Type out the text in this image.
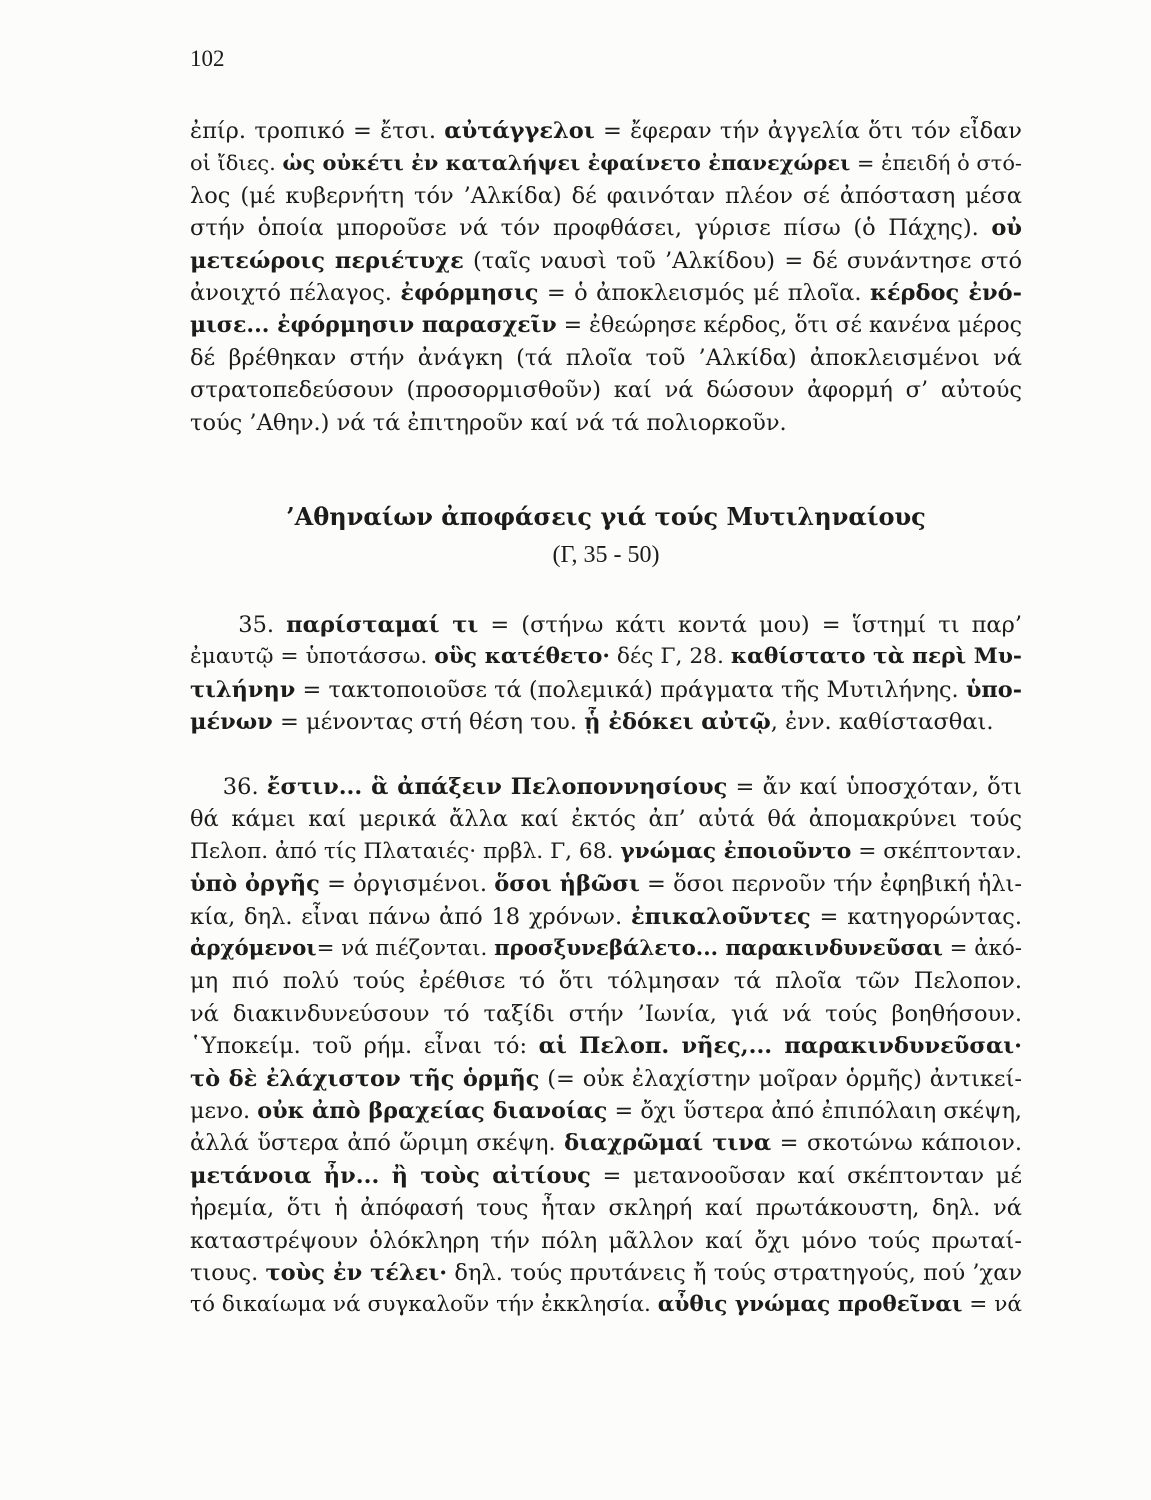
102
ἐπίρ. τροπικό = ἔτσι. αὐτάγγελοι = ἔφεραν τήν ἀγγελία ὅτι τόν εἶδαν
οἱ ἴδιες. ὡς οὐκέτι ἐν καταλήψει ἐφαίνετο ἐπανεχώρει = ἐπειδή ὁ στό-
λος (μέ κυβερνήτη τόν ’Αλκίδα) δέ φαινόταν πλέον σέ ἀπόσταση μέσα
στήν ὁποία μποροῦσε νά τόν προφθάσει, γύρισε πίσω (ὁ Πάχης). οὐ
μετεώροις περιέτυχε (ταῖς ναυσὶ τοῦ ’Αλκίδου) = δέ συνάντησε στό
ἀνοιχτό πέλαγος. ἐφόρμησις = ὁ ἀποκλεισμός μέ πλοῖα. κέρδος ἐνό-
μισε... ἐφόρμησιν παρασχεῖν = ἐθεώρησε κέρδος, ὅτι σέ κανένα μέρος
δέ βρέθηκαν στήν ἀνάγκη (τά πλοῖα τοῦ ’Αλκίδα) ἀποκλεισμένοι νά
στρατοπεδεύσουν (προσορμισθοῦν) καί νά δώσουν ἀφορμή σ’ αὐτούς
τούς ’Αθην.) νά τά ἐπιτηροῦν καί νά τά πολιορκοῦν.
’Αθηναίων ἀποφάσεις γιά τούς Μυτιληναίους
(Γ, 35 - 50)
35. παρίσταμαί τι = (στήνω κάτι κοντά μου) = ἵστημί τι παρ’
ἐμαυτῷ = ὑποτάσσω. οὓς κατέθετο· δές Γ, 28. καθίστατο τὰ περὶ Μυ-
τιλήνην = τακτοποιοῦσε τά (πολεμικά) πράγματα τῆς Μυτιλήνης. ὑπο-
μένων = μένοντας στή θέση του. ᾗ ἐδόκει αὐτῷ, ἐνν. καθίστασθαι.
36. ἔστιν... ἃ ἀπάξειν Πελοποννησίους = ἄν καί ὑποσχόταν, ὅτι
θά κάμει καί μερικά ἄλλα καί ἐκτός ἀπ’ αὐτά θά ἀπομακρύνει τούς
Πελοπ. ἀπό τίς Πλαταιές· πρβλ. Γ, 68. γνώμας ἐποιοῦντο = σκέπτονταν.
ὑπὸ ὀργῆς = ὀργισμένοι. ὅσοι ἡβῶσι = ὅσοι περνοῦν τήν ἐφηβική ἡλι-
κία, δηλ. εἶναι πάνω ἀπό 18 χρόνων. ἐπικαλοῦντες = κατηγορώντας.
ἀρχόμενοι= νά πιέζονται. προσξυνεβάλετο... παρακινδυνεῦσαι = ἀκό-
μη πιό πολύ τούς ἐρέθισε τό ὅτι τόλμησαν τά πλοῖα τῶν Πελοπον.
νά διακινδυνεύσουν τό ταξίδι στήν ’Ιωνία, γιά νά τούς βοηθήσουν.
῾Υποκείμ. τοῦ ρήμ. εἶναι τό: αἱ Πελοπ. νῆες,... παρακινδυνεῦσαι·
τὸ δὲ ἐλάχιστον τῆς ὁρμῆς (= οὐκ ἐλαχίστην μοῖραν ὁρμῆς) ἀντικεί-
μενο. οὐκ ἀπὸ βραχείας διανοίας = ὄχι ὕστερα ἀπό ἐπιπόλαιη σκέψη,
ἀλλά ὕστερα ἀπό ὥριμη σκέψη. διαχρῶμαί τινα = σκοτώνω κάποιον.
μετάνοια ἦν... ἢ τοὺς αἰτίους = μετανοοῦσαν καί σκέπτονταν μέ
ἠρεμία, ὅτι ἡ ἀπόφασή τους ἦταν σκληρή καί πρωτάκουστη, δηλ. νά
καταστρέψουν ὁλόκληρη τήν πόλη μᾶλλον καί ὄχι μόνο τούς πρωταί-
τιους. τοὺς ἐν τέλει· δηλ. τούς πρυτάνεις ἤ τούς στρατηγούς, πού ’χαν
τό δικαίωμα νά συγκαλοῦν τήν ἐκκλησία. αὖθις γνώμας προθεῖναι = νά
